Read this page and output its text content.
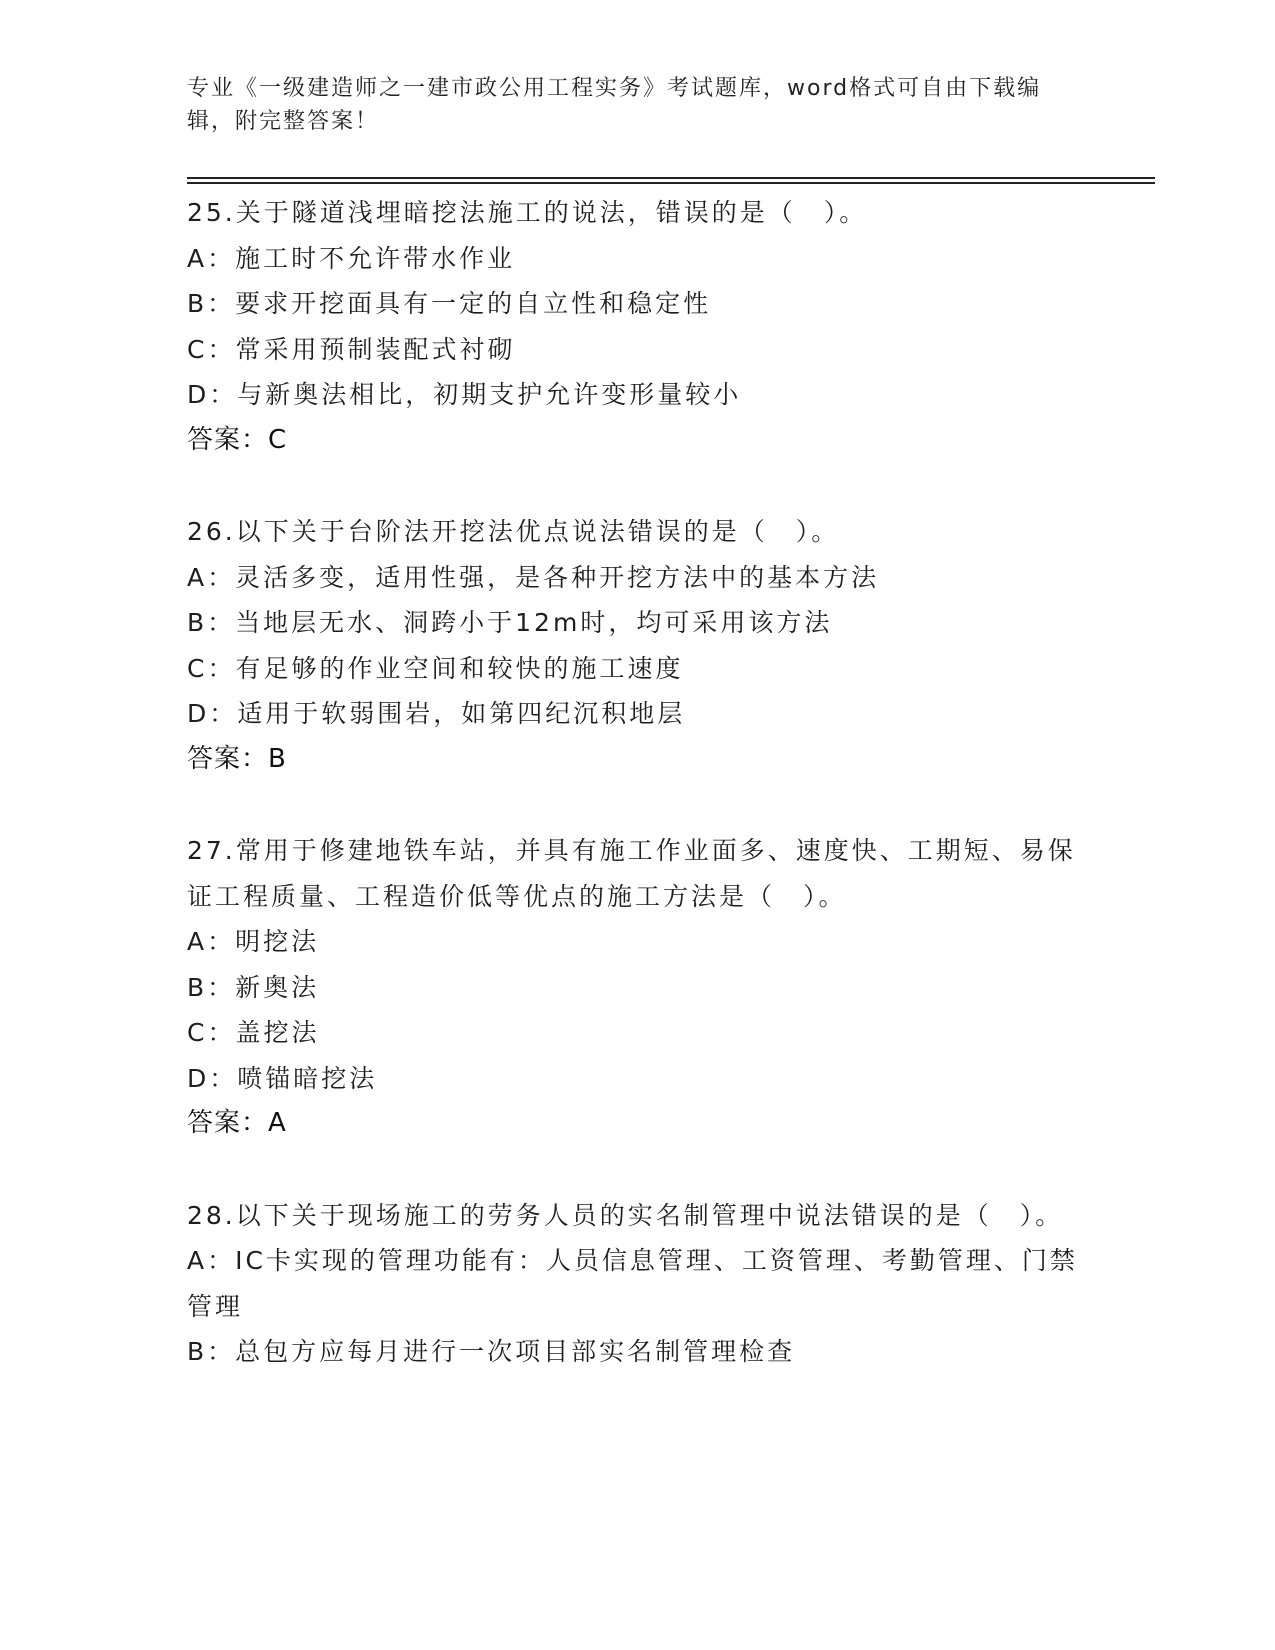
专业《一级建造师之一建市政公用工程实务》考试题库，word格式可自由下载编辑，附完整答案！
25.关于隧道浅埋暗挖法施工的说法，错误的是（　）。
A：施工时不允许带水作业
B：要求开挖面具有一定的自立性和稳定性
C：常采用预制装配式衬砌
D：与新奥法相比，初期支护允许变形量较小
答案：C
26.以下关于台阶法开挖法优点说法错误的是（　）。
A：灵活多变，适用性强，是各种开挖方法中的基本方法
B：当地层无水、洞跨小于12m时，均可采用该方法
C：有足够的作业空间和较快的施工速度
D：适用于软弱围岩，如第四纪沉积地层
答案：B
27.常用于修建地铁车站，并具有施工作业面多、速度快、工期短、易保证工程质量、工程造价低等优点的施工方法是（　）。
A：明挖法
B：新奥法
C：盖挖法
D：喷锚暗挖法
答案：A
28.以下关于现场施工的劳务人员的实名制管理中说法错误的是（　）。
A：IC卡实现的管理功能有：人员信息管理、工资管理、考勤管理、门禁管理
B：总包方应每月进行一次项目部实名制管理检查
